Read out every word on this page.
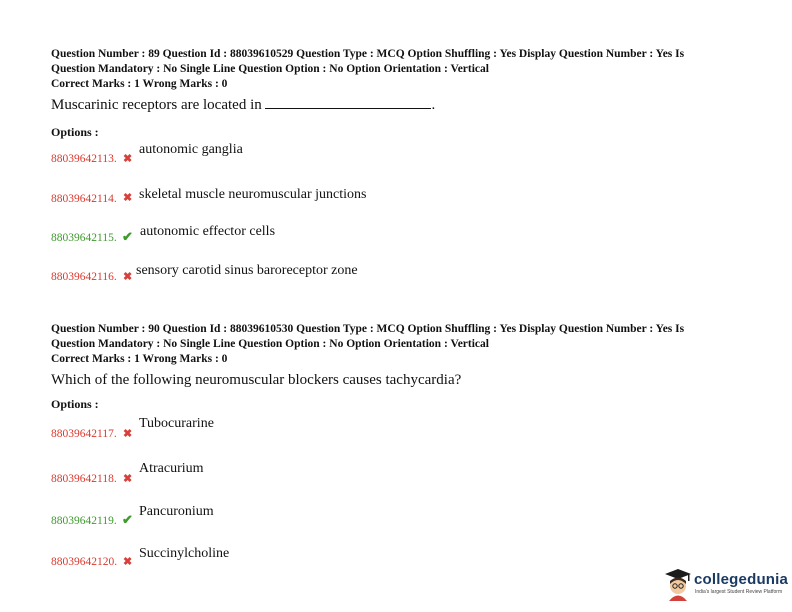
Question Number : 89 Question Id : 88039610529 Question Type : MCQ Option Shuffling : Yes Display Question Number : Yes Is
Question Mandatory : No Single Line Question Option : No Option Orientation : Vertical
Correct Marks : 1 Wrong Marks : 0
Muscarinic receptors are located in	.
Options :
88039642113. ✖
autonomic ganglia
88039642114. ✖ skeletal muscle neuromuscular junctions
88039642115. ✔ autonomic effector cells
88039642116. ✖ sensory carotid sinus baroreceptor zone
Question Number : 90 Question Id : 88039610530 Question Type : MCQ Option Shuffling : Yes Display Question Number : Yes Is
Question Mandatory : No Single Line Question Option : No Option Orientation : Vertical
Correct Marks : 1 Wrong Marks : 0
Which of the following neuromuscular blockers causes tachycardia?
Options :
88039642117. ✖
Tubocurarine
88039642118. ✖
Atracurium
88039642119. ✔
Pancuronium
88039642120. ✖
Succinylcholine
collegedunia
India's largest Student Review Platform
